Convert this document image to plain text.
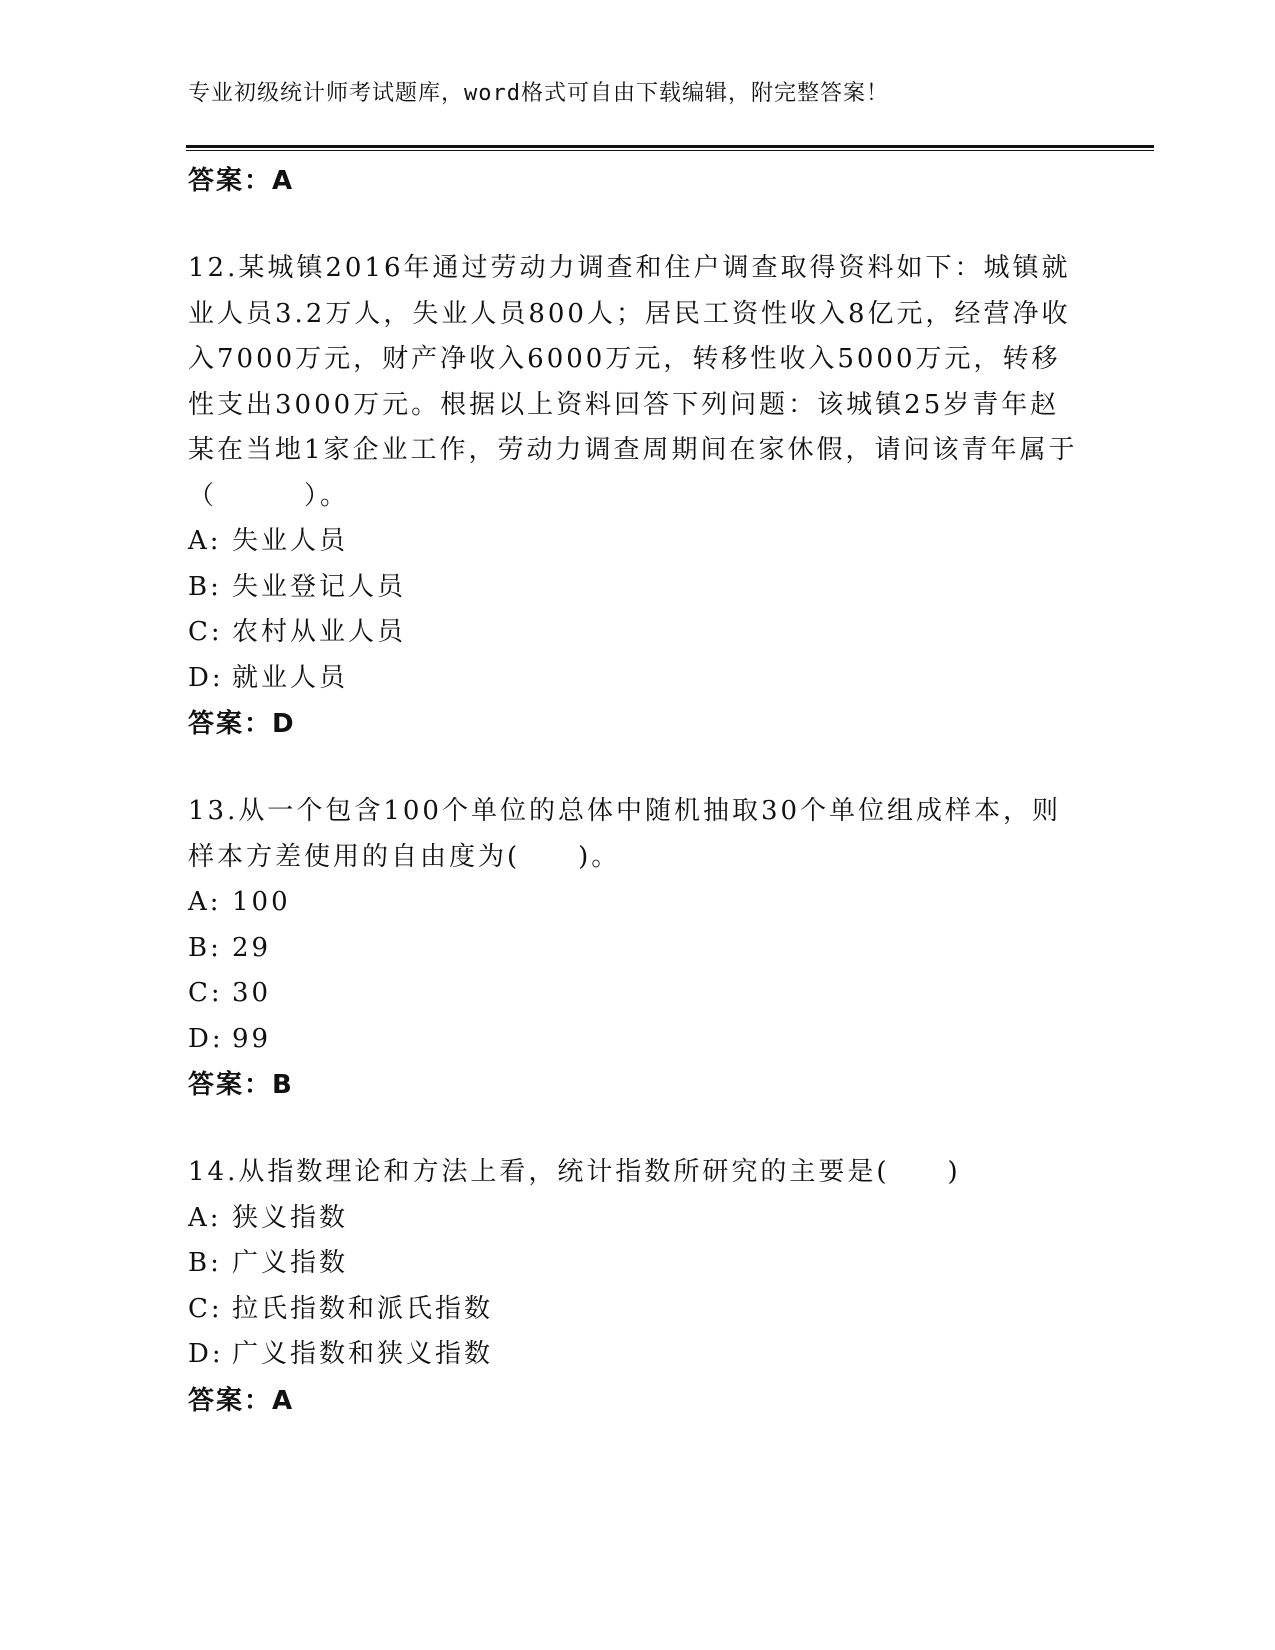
专业初级统计师考试题库，word格式可自由下载编辑，附完整答案！
答案：A
12.某城镇2016年通过劳动力调查和住户调查取得资料如下：城镇就业人员3.2万人，失业人员800人；居民工资性收入8亿元，经营净收入7000万元，财产净收入6000万元，转移性收入5000万元，转移性支出3000万元。根据以上资料回答下列问题：该城镇25岁青年赵某在当地1家企业工作，劳动力调查周期间在家休假，请问该青年属于（　　　）。
A: 失业人员
B: 失业登记人员
C: 农村从业人员
D: 就业人员
答案：D
13.从一个包含100个单位的总体中随机抽取30个单位组成样本，则样本方差使用的自由度为(　　)。
A: 100
B: 29
C: 30
D: 99
答案：B
14.从指数理论和方法上看，统计指数所研究的主要是(　　)
A: 狭义指数
B: 广义指数
C: 拉氏指数和派氏指数
D: 广义指数和狭义指数
答案：A
